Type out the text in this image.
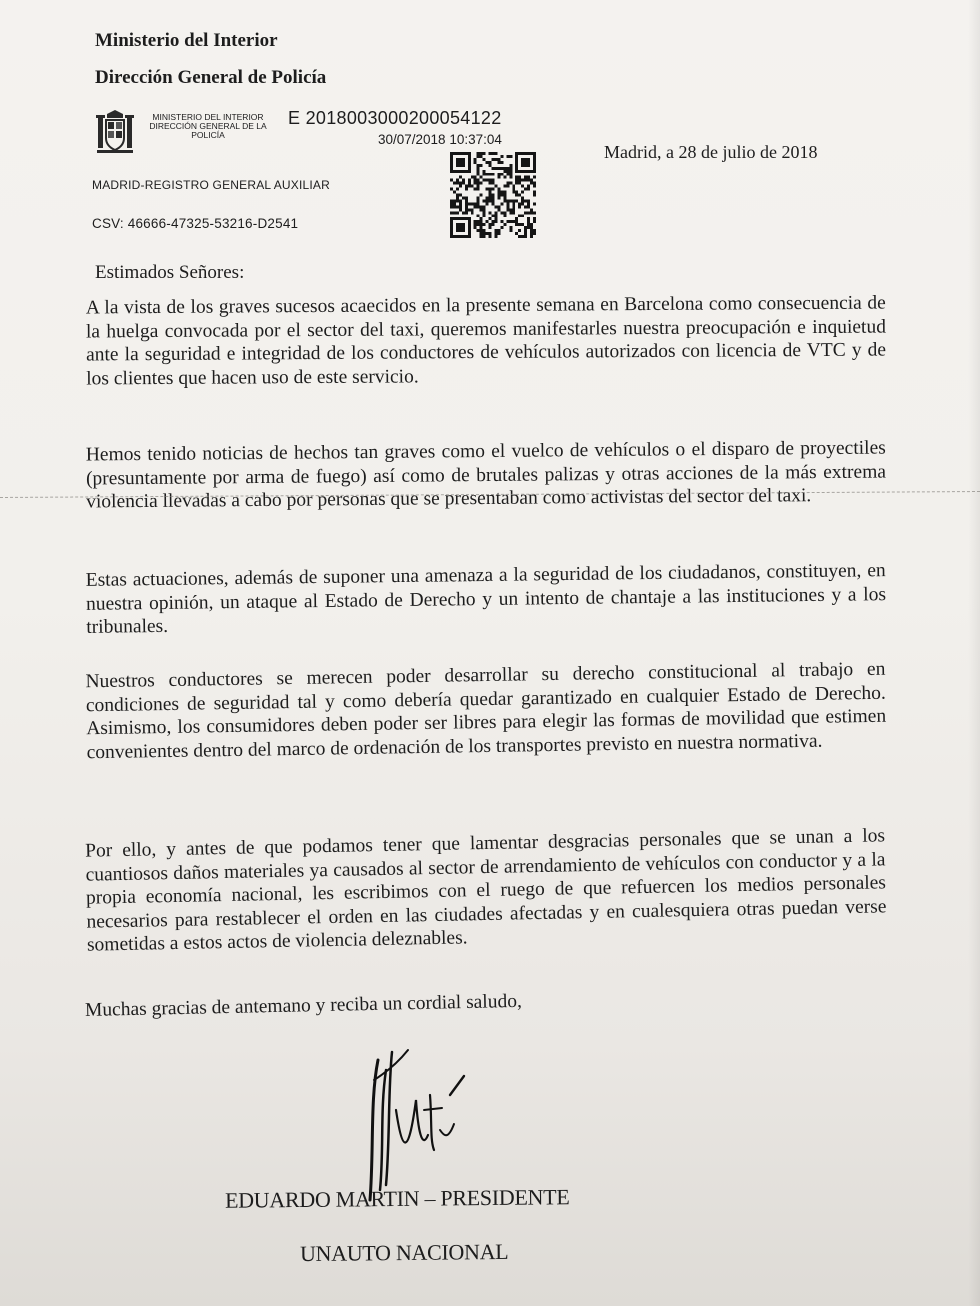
Ministerio del Interior
Dirección General de Policía
MINISTERIO DEL INTERIOR
DIRECCIÓN GENERAL DE LA
POLICÍA
E 201800300020005412​2
30/07/2018 10:37:04
Madrid, a 28 de julio de 2018
MADRID-REGISTRO GENERAL AUXILIAR
CSV: 46666-47325-53216-D2541
Estimados Señores:
A la vista de los graves sucesos acaecidos en la presente semana en Barcelona como consecuencia de la huelga convocada por el sector del taxi, queremos manifestarles nuestra preocupación e inquietud ante la seguridad e integridad de los conductores de vehículos autorizados con licencia de VTC y de los clientes que hacen uso de este servicio.
Hemos tenido noticias de hechos tan graves como el vuelco de vehículos o el disparo de proyectiles (presuntamente por arma de fuego) así como de brutales palizas y otras acciones de la más extrema violencia llevadas a cabo por personas que se presentaban como activistas del sector del taxi.
Estas actuaciones, además de suponer una amenaza a la seguridad de los ciudadanos, constituyen, en nuestra opinión, un ataque al Estado de Derecho y un intento de chantaje a las instituciones y a los tribunales.
Nuestros conductores se merecen poder desarrollar su derecho constitucional al trabajo en condiciones de seguridad tal y como debería quedar garantizado en cualquier Estado de Derecho. Asimismo, los consumidores deben poder ser libres para elegir las formas de movilidad que estimen convenientes dentro del marco de ordenación de los transportes previsto en nuestra normativa.
Por ello, y antes de que podamos tener que lamentar desgracias personales que se unan a los cuantiosos daños materiales ya causados al sector de arrendamiento de vehículos con conductor y a la propia economía nacional, les escribimos con el ruego de que refuercen los medios personales necesarios para restablecer el orden en las ciudades afectadas y en cualesquiera otras puedan verse sometidas a estos actos de violencia deleznables.
Muchas gracias de antemano y reciba un cordial saludo,
EDUARDO MARTIN – PRESIDENTE
UNAUTO NACIONAL
